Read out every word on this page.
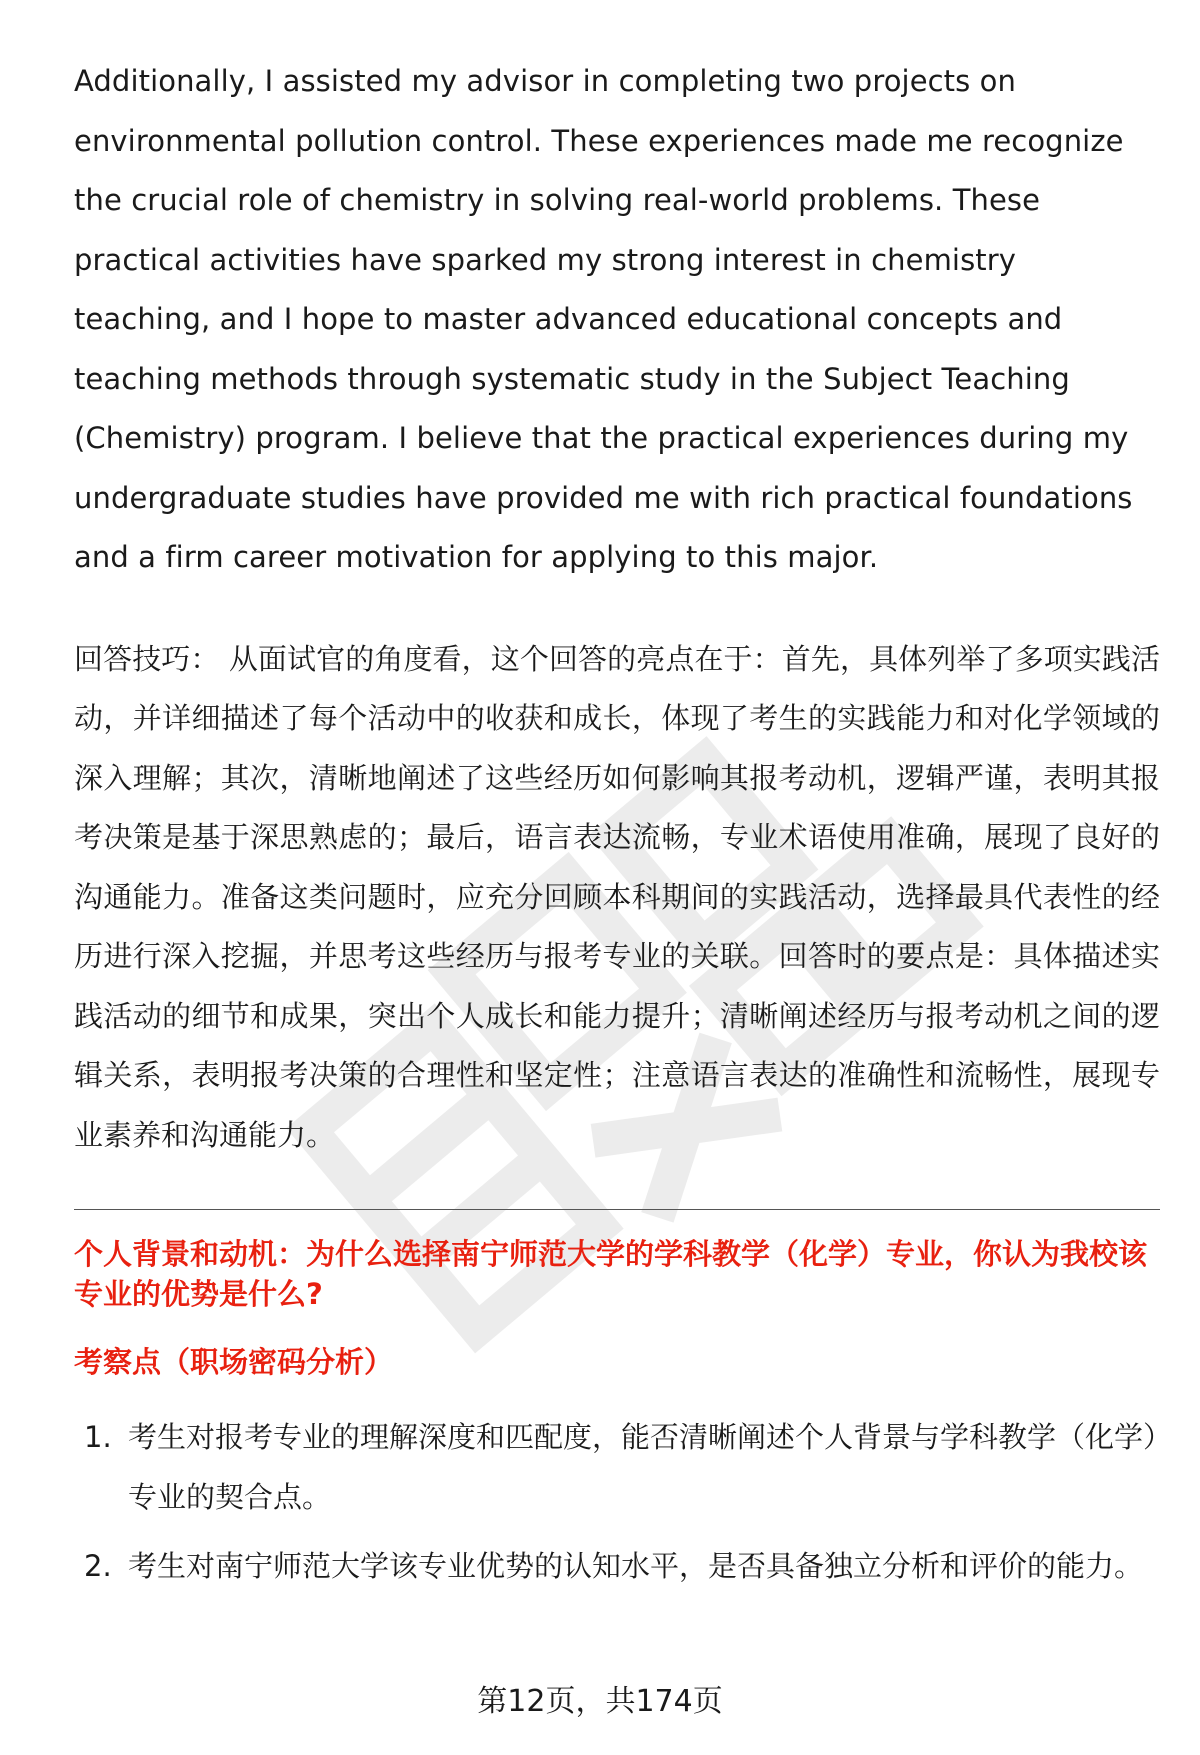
Additionally, I assisted my advisor in completing two projects on environmental pollution control. These experiences made me recognize the crucial role of chemistry in solving real-world problems. These practical activities have sparked my strong interest in chemistry teaching, and I hope to master advanced educational concepts and teaching methods through systematic study in the Subject Teaching (Chemistry) program. I believe that the practical experiences during my undergraduate studies have provided me with rich practical foundations and a firm career motivation for applying to this major.

回答技巧： 从面试官的角度看，这个回答的亮点在于：首先，具体列举了多项实践活动，并详细描述了每个活动中的收获和成长，体现了考生的实践能力和对化学领域的深入理解；其次，清晰地阐述了这些经历如何影响其报考动机，逻辑严谨，表明其报考决策是基于深思熟虑的；最后，语言表达流畅，专业术语使用准确，展现了良好的沟通能力。准备这类问题时，应充分回顾本科期间的实践活动，选择最具代表性的经历进行深入挖掘，并思考这些经历与报考专业的关联。回答时的要点是：具体描述实践活动的细节和成果，突出个人成长和能力提升；清晰阐述经历与报考动机之间的逻辑关系，表明报考决策的合理性和坚定性；注意语言表达的准确性和流畅性，展现专业素养和沟通能力。

个人背景和动机：为什么选择南宁师范大学的学科教学（化学）专业，你认为我校该专业的优势是什么?
考察点（职场密码分析）
1. 考生对报考专业的理解深度和匹配度，能否清晰阐述个人背景与学科教学（化学）专业的契合点。
2. 考生对南宁师范大学该专业优势的认知水平，是否具备独立分析和评价的能力。
第12页，共174页
